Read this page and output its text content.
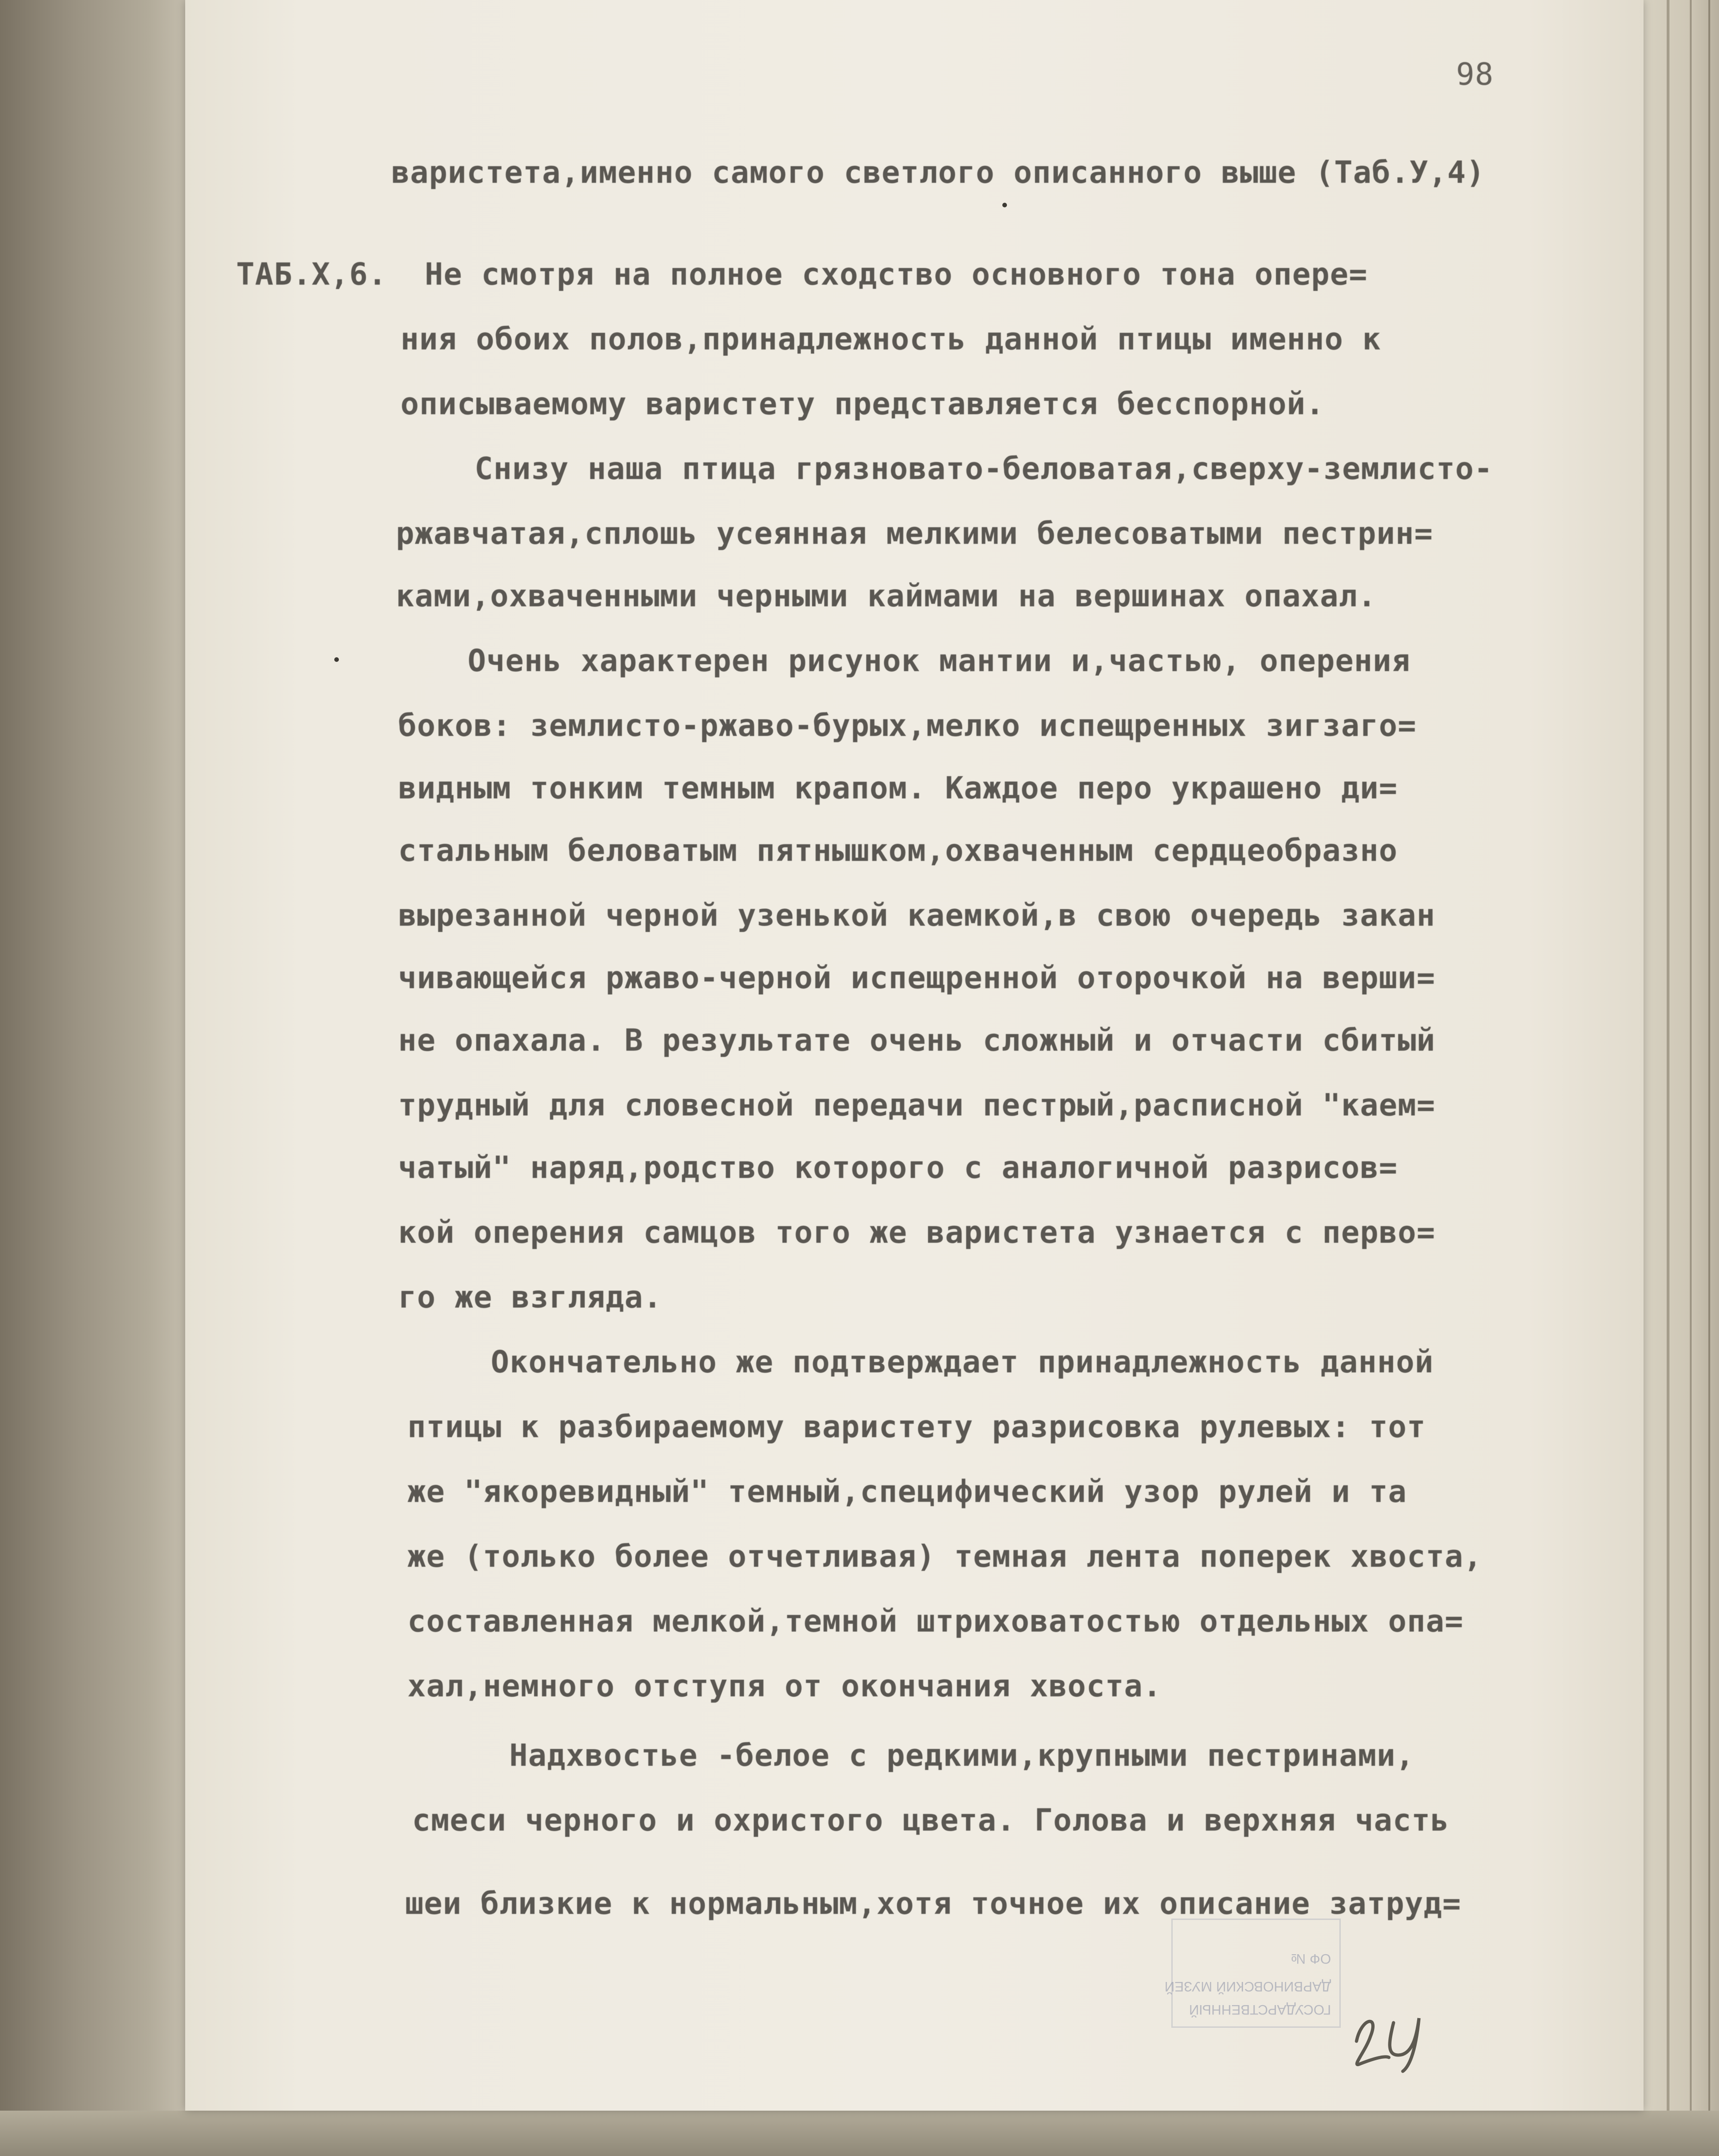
98
варистета,именно самого светлого описанного выше (Таб.У,4)
ТАБ.Х,6.  Не смотря на полное сходство основного тона опере=
ния обоих полов,принадлежность данной птицы именно к
описываемому варистету представляется бесспорной.
Снизу наша птица грязновато-беловатая,сверху-землисто-
ржавчатая,сплошь усеянная мелкими белесоватыми пестрин=
ками,охваченными черными каймами на вершинах опахал.
Очень характерен рисунок мантии и,частью, оперения
боков: землисто-ржаво-бурых,мелко испещренных зигзаго=
видным тонким темным крапом. Каждое перо украшено ди=
стальным беловатым пятнышком,охваченным сердцеобразно
вырезанной черной узенькой каемкой,в свою очередь закан
чивающейся ржаво-черной испещренной оторочкой на верши=
не опахала. В результате очень сложный и отчасти сбитый
трудный для словесной передачи пестрый,расписной "каем=
чатый" наряд,родство которого с аналогичной разрисов=
кой оперения самцов того же варистета узнается с перво=
го же взгляда.
Окончательно же подтверждает принадлежность данной
птицы к разбираемому варистету разрисовка рулевых: тот
же "якоревидный" темный,специфический узор рулей и та
же (только более отчетливая) темная лента поперек хвоста,
составленная мелкой,темной штриховатостью отдельных опа=
хал,немного отступя от окончания хвоста.
Надхвостье -белое с редкими,крупными пестринами,
смеси черного и охристого цвета. Голова и верхняя часть
шеи близкие к нормальным,хотя точное их описание затруд=
ГОСУДАРСТВЕННЫЙ
ДАРВИНОВСКИЙ МУЗЕЙ
ОФ №
